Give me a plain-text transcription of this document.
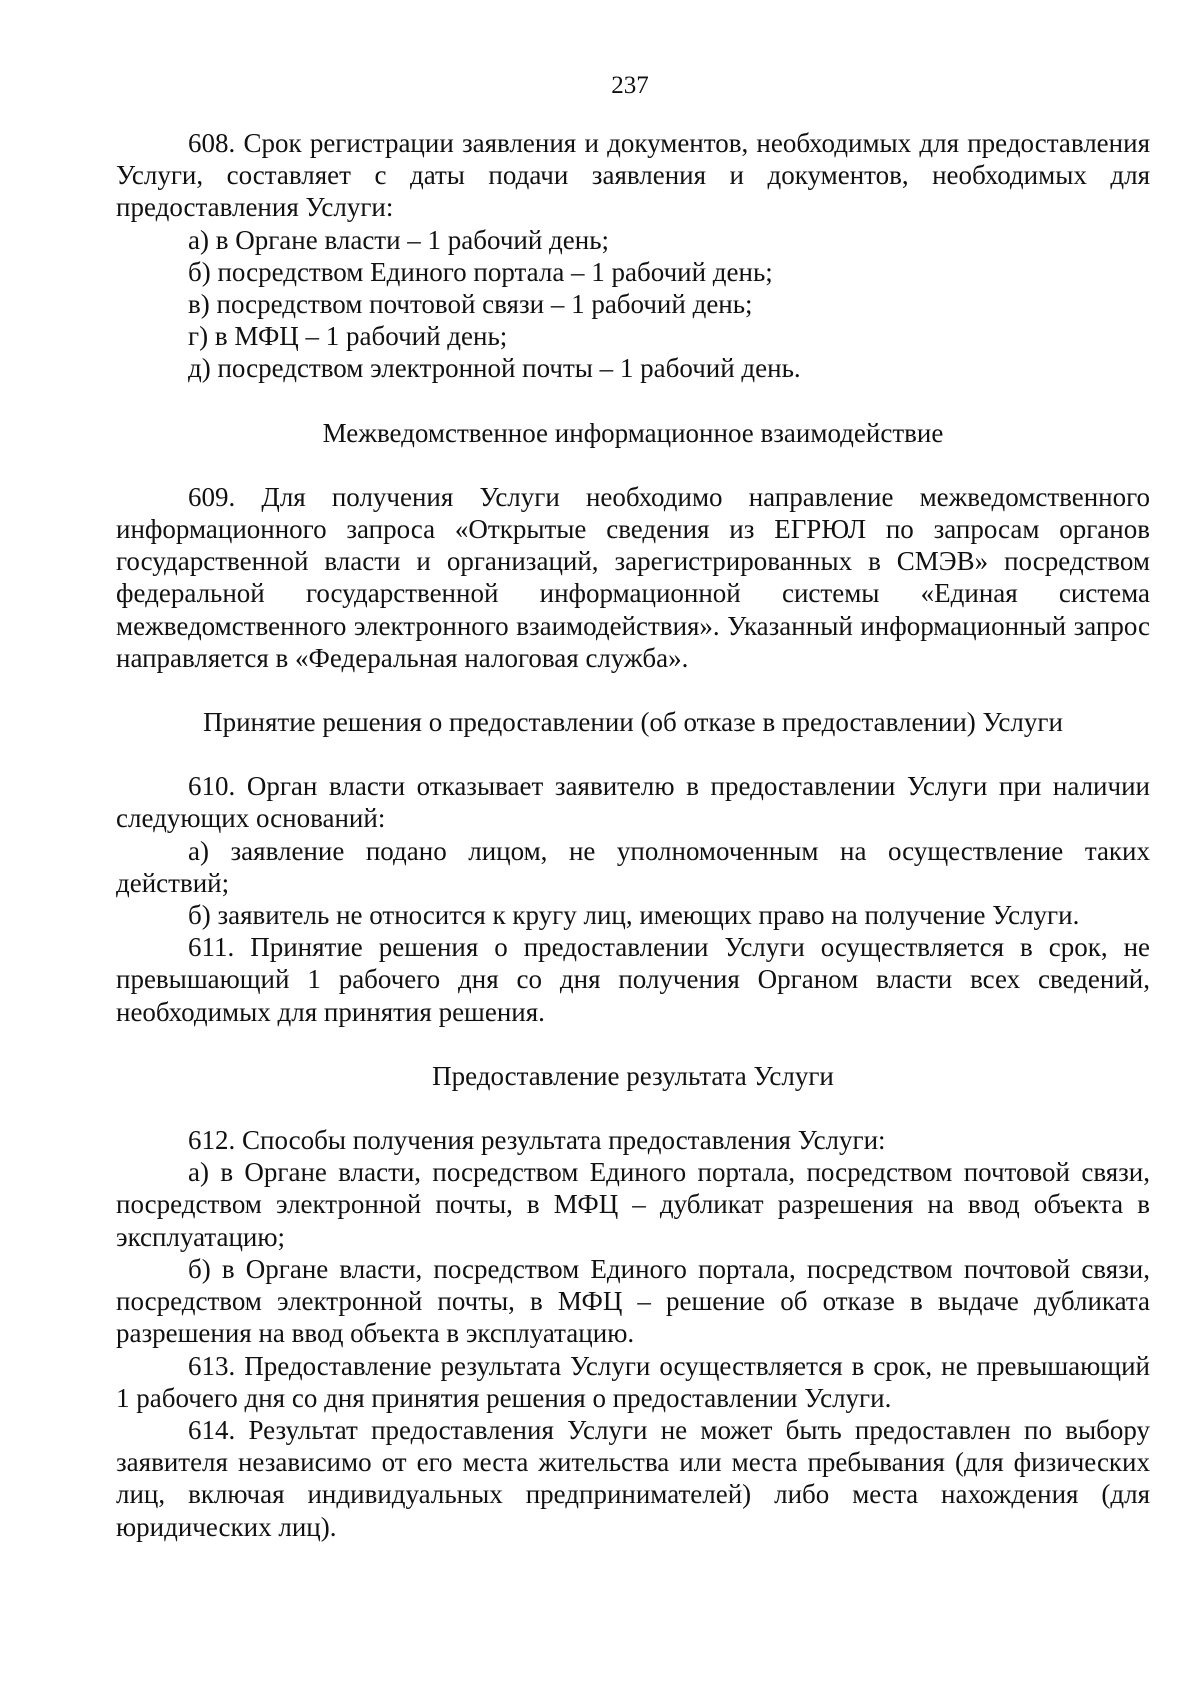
237

608. Срок регистрации заявления и документов, необходимых для предоставления Услуги, составляет с даты подачи заявления и документов, необходимых для предоставления Услуги:

а) в Органе власти – 1 рабочий день;

б) посредством Единого портала – 1 рабочий день;

в) посредством почтовой связи – 1 рабочий день;

г) в МФЦ – 1 рабочий день;

д) посредством электронной почты – 1 рабочий день.

Межведомственное информационное взаимодействие

609. Для получения Услуги необходимо направление межведомственного информационного запроса «Открытые сведения из ЕГРЮЛ по запросам органов государственной власти и организаций, зарегистрированных в СМЭВ» посредством федеральной государственной информационной системы «Единая система межведомственного электронного взаимодействия». Указанный информационный запрос направляется в «Федеральная налоговая служба».

Принятие решения о предоставлении (об отказе в предоставлении) Услуги

610. Орган власти отказывает заявителю в предоставлении Услуги при наличии следующих оснований:

а) заявление подано лицом, не уполномоченным на осуществление таких действий;

б) заявитель не относится к кругу лиц, имеющих право на получение Услуги.

611. Принятие решения о предоставлении Услуги осуществляется в срок, не превышающий 1 рабочего дня со дня получения Органом власти всех сведений, необходимых для принятия решения.

Предоставление результата Услуги

612. Способы получения результата предоставления Услуги:

а) в Органе власти, посредством Единого портала, посредством почтовой связи, посредством электронной почты, в МФЦ – дубликат разрешения на ввод объекта в эксплуатацию;

б) в Органе власти, посредством Единого портала, посредством почтовой связи, посредством электронной почты, в МФЦ – решение об отказе в выдаче дубликата разрешения на ввод объекта в эксплуатацию.

613. Предоставление результата Услуги осуществляется в срок, не превышающий 1 рабочего дня со дня принятия решения о предоставлении Услуги.

614. Результат предоставления Услуги не может быть предоставлен по выбору заявителя независимо от его места жительства или места пребывания (для физических лиц, включая индивидуальных предпринимателей) либо места нахождения (для юридических лиц).
